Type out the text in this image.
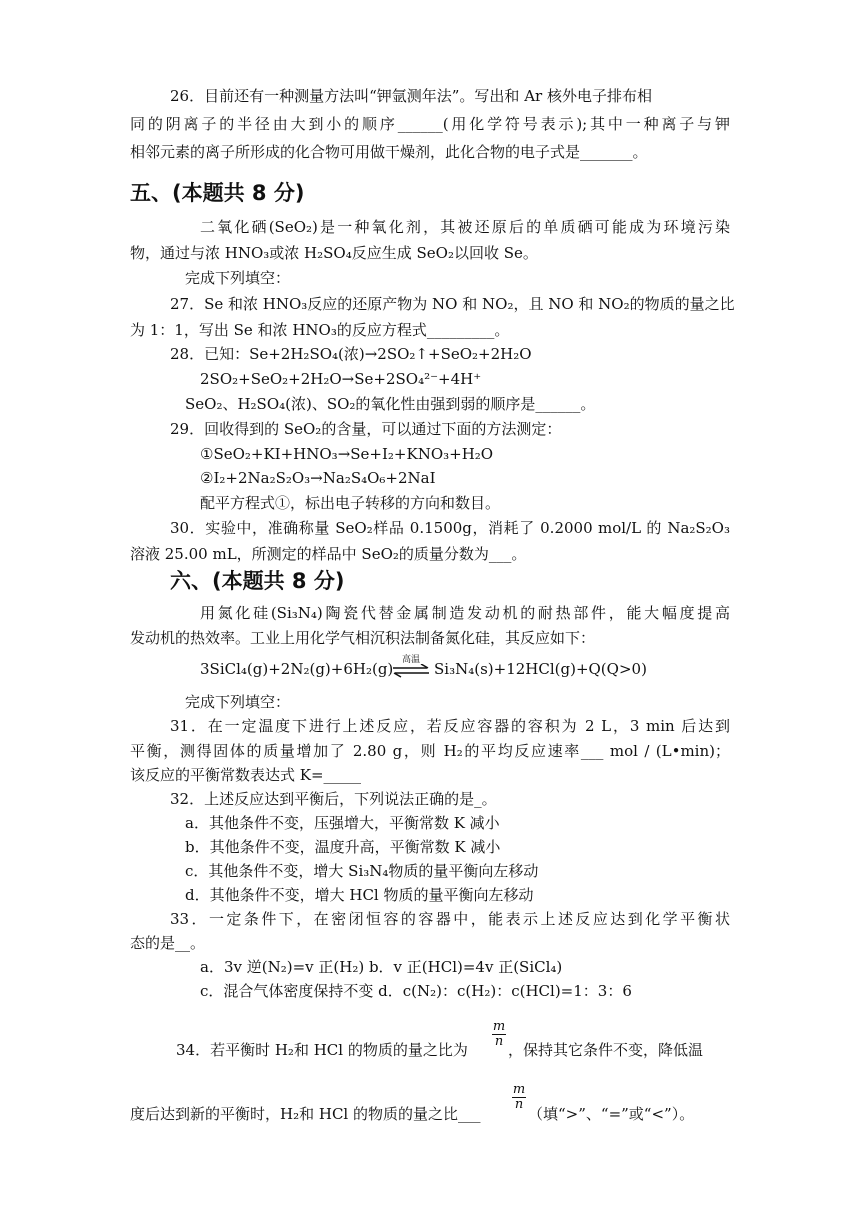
26．目前还有一种测量方法叫“钾氩测年法”。写出和 Ar 核外电子排布相
同的阴离子的半径由大到小的顺序______(用化学符号表示);其中一种离子与钾
相邻元素的离子所形成的化合物可用做干燥剂，此化合物的电子式是_______。
五、(本题共 8 分)
二氧化硒(SeO₂)是一种氧化剂，其被还原后的单质硒可能成为环境污染
物，通过与浓 HNO₃或浓 H₂SO₄反应生成 SeO₂以回收 Se。
完成下列填空：
27．Se 和浓 HNO₃反应的还原产物为 NO 和 NO₂，且 NO 和 NO₂的物质的量之比
为 1：1，写出 Se 和浓 HNO₃的反应方程式_________。
28．已知：Se+2H₂SO₄(浓)→2SO₂↑+SeO₂+2H₂O
2SO₂+SeO₂+2H₂O→Se+2SO₄²⁻+4H⁺
SeO₂、H₂SO₄(浓)、SO₂的氧化性由强到弱的顺序是______。
29．回收得到的 SeO₂的含量，可以通过下面的方法测定：
①SeO₂+KI+HNO₃→Se+I₂+KNO₃+H₂O
②I₂+2Na₂S₂O₃→Na₂S₄O₆+2NaI
配平方程式①，标出电子转移的方向和数目。
30．实验中，准确称量 SeO₂样品 0.1500g，消耗了 0.2000 mol/L 的 Na₂S₂O₃
溶液 25.00 mL，所测定的样品中 SeO₂的质量分数为___。
六、(本题共 8 分)
用氮化硅(Si₃N₄)陶瓷代替金属制造发动机的耐热部件，能大幅度提高
发动机的热效率。工业上用化学气相沉积法制备氮化硅，其反应如下：
3SiCl₄(g)+2N₂(g)+6H₂(g) 高温 Si₃N₄(s)+12HCl(g)+Q(Q>0)
完成下列填空：
31．在一定温度下进行上述反应，若反应容器的容积为 2 L，3 min 后达到
平衡，测得固体的质量增加了 2.80 g，则 H₂的平均反应速率___ mol / (L•min)；
该反应的平衡常数表达式 K=_____
32．上述反应达到平衡后，下列说法正确的是_。
a．其他条件不变，压强增大，平衡常数 K 减小
b．其他条件不变，温度升高，平衡常数 K 减小
c．其他条件不变，增大 Si₃N₄物质的量平衡向左移动
d．其他条件不变，增大 HCl 物质的量平衡向左移动
33．一定条件下，在密闭恒容的容器中，能表示上述反应达到化学平衡状
态的是__。
a．3v 逆(N₂)=v 正(H₂) b．v 正(HCl)=4v 正(SiCl₄)
c．混合气体密度保持不变 d．c(N₂)：c(H₂)：c(HCl)=1：3：6
34．若平衡时 H₂和 HCl 的物质的量之比为
$\frac{m}{n}$
，保持其它条件不变，降低温
度后达到新的平衡时，H₂和 HCl 的物质的量之比___
$\frac{m}{n}$
（填“>”、“=”或“<”）。
